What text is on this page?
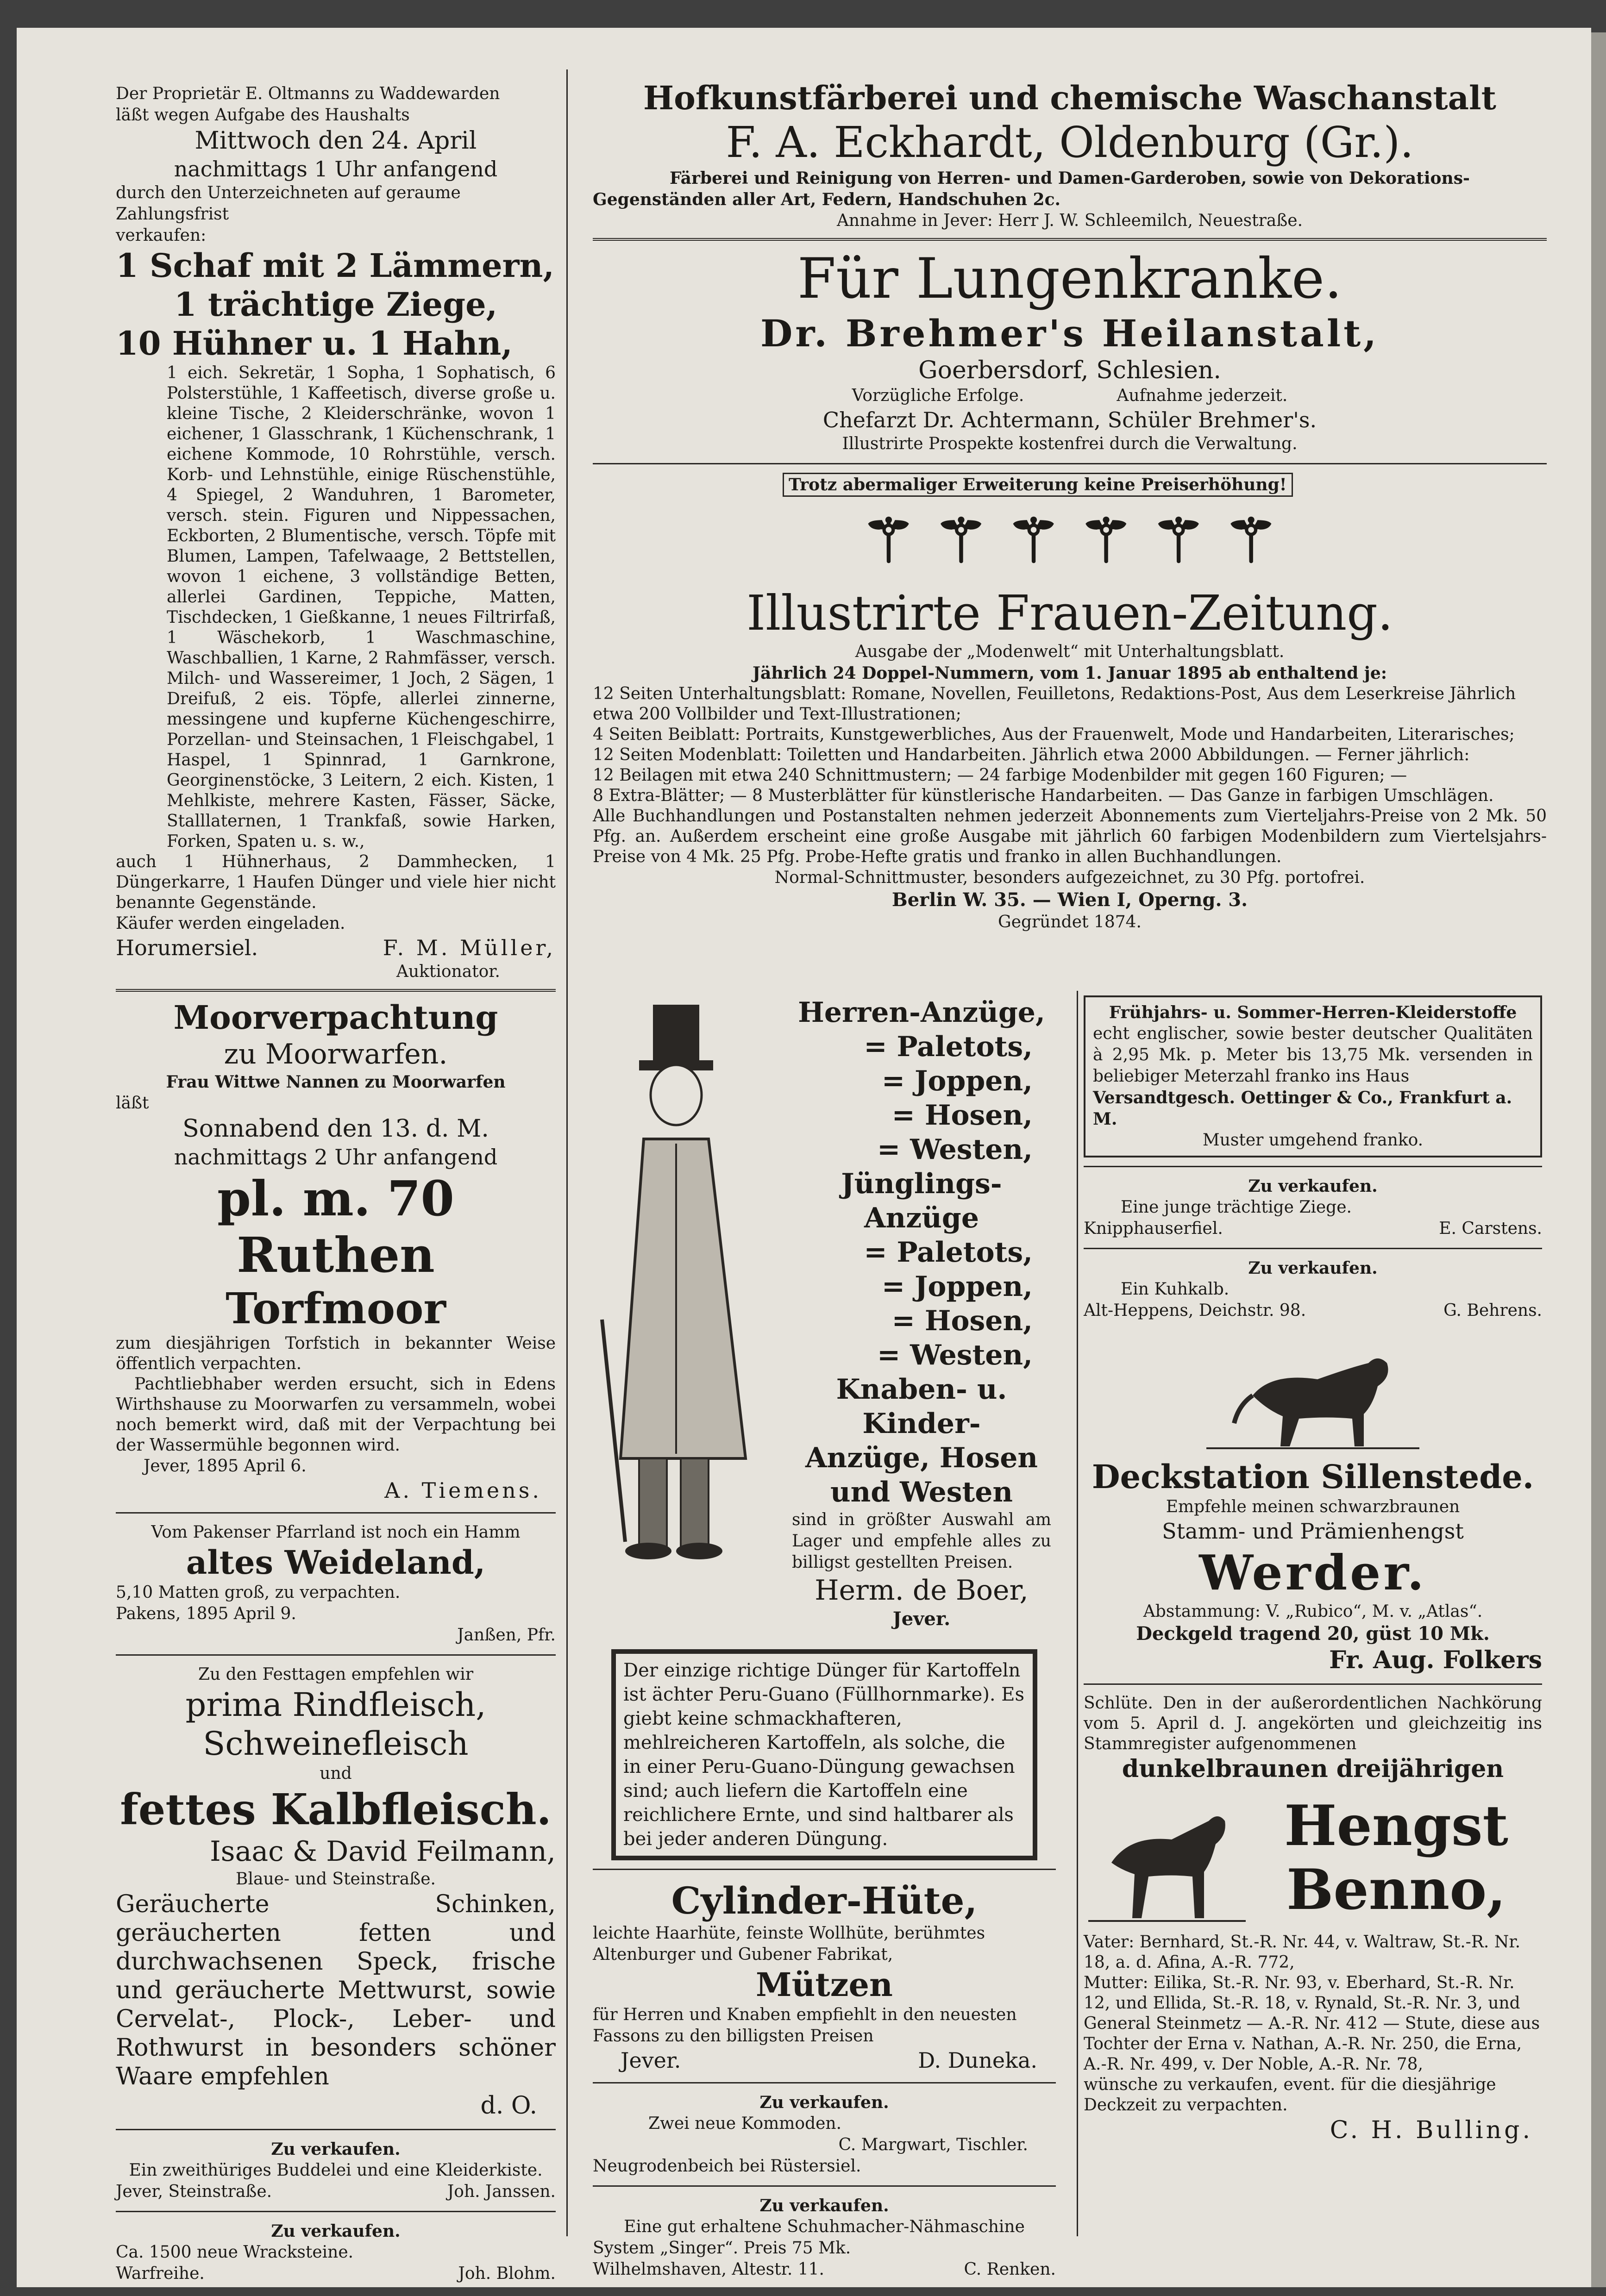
Der Proprietär E. Oltmanns zu Waddewarden

läßt wegen Aufgabe des Haushalts

Mittwoch den 24. April

nachmittags 1 Uhr anfangend

durch den Unterzeichneten auf geraume Zahlungsfrist

verkaufen:

1 Schaf mit 2 Lämmern,

1 trächtige Ziege,

10 Hühner u. 1 Hahn,

1 eich. Sekretär, 1 Sopha, 1 Sophatisch, 6 Polsterstühle, 1 Kaffeetisch, diverse große u. kleine Tische, 2 Kleiderschränke, wovon 1 eichener, 1 Glasschrank, 1 Küchenschrank, 1 eichene Kommode, 10 Rohrstühle, versch. Korb- und Lehnstühle, einige Rüschenstühle, 4 Spiegel, 2 Wanduhren, 1 Barometer, versch. stein. Figuren und Nippessachen, Eckborten, 2 Blumentische, versch. Töpfe mit Blumen, Lampen, Tafelwaage, 2 Bettstellen, wovon 1 eichene, 3 vollständige Betten, allerlei Gardinen, Teppiche, Matten, Tischdecken, 1 Gießkanne, 1 neues Filtrirfaß, 1 Wäschekorb, 1 Waschmaschine, Waschballien, 1 Karne, 2 Rahmfässer, versch. Milch- und Wassereimer, 1 Joch, 2 Sägen, 1 Dreifuß, 2 eis. Töpfe, allerlei zinnerne, messingene und kupferne Küchengeschirre, Porzellan- und Steinsachen, 1 Fleischgabel, 1 Haspel, 1 Spinnrad, 1 Garnkrone, Georginenstöcke, 3 Leitern, 2 eich. Kisten, 1 Mehlkiste, mehrere Kasten, Fässer, Säcke, Stalllaternen, 1 Trankfaß, sowie Harken, Forken, Spaten u. s. w.,

auch 1 Hühnerhaus, 2 Dammhecken, 1 Düngerkarre, 1 Haufen Dünger und viele hier nicht benannte Gegenstände.

Käufer werden eingeladen.

Horumersiel.	F. M. Müller,

Auktionator.

Moorverpachtung

zu Moorwarfen.

Frau Wittwe Nannen zu Moorwarfen

läßt

Sonnabend den 13. d. M.

nachmittags 2 Uhr anfangend

pl. m. 70 Ruthen

Torfmoor

zum diesjährigen Torfstich in bekannter Weise öffentlich verpachten.

Pachtliebhaber werden ersucht, sich in Edens Wirthshause zu Moorwarfen zu versammeln, wobei noch bemerkt wird, daß mit der Verpachtung bei der Wassermühle begonnen wird.

Jever, 1895 April 6.

A. Tiemens.

Vom Pakenser Pfarrland ist noch ein Hamm

altes Weideland,

5,10 Matten groß, zu verpachten.

Pakens, 1895 April 9.

Janßen, Pfr.

Zu den Festtagen empfehlen wir

prima Rindfleisch,

Schweinefleisch

und

fettes Kalbfleisch.

Isaac & David Feilmann,

Blaue- und Steinstraße.

Geräucherte Schinken, geräucherten fetten und durchwachsenen Speck, frische und geräucherte Mettwurst, sowie Cervelat-, Plock-, Leber- und Rothwurst in besonders schöner Waare empfehlen

d. O.

Zu verkaufen.

Ein zweithüriges Buddelei und eine Kleiderkiste.

Jever, Steinstraße.	Joh. Janssen.

Zu verkaufen.

Ca. 1500 neue Wracksteine.

Warfreihe.	Joh. Blohm.

Hofkunstfärberei und chemische Waschanstalt

F. A. Eckhardt, Oldenburg (Gr.).

Färberei und Reinigung von Herren- und Damen-Garderoben, sowie von Dekorations-

Gegenständen aller Art, Federn, Handschuhen 2c.

Annahme in Jever: Herr J. W. Schleemilch, Neuestraße.

Für Lungenkranke.

Dr. Brehmer's Heilanstalt,

Goerbersdorf, Schlesien.

Vorzügliche Erfolge.	Aufnahme jederzeit.

Chefarzt Dr. Achtermann, Schüler Brehmer's.

Illustrirte Prospekte kostenfrei durch die Verwaltung.

Trotz abermaliger Erweiterung keine Preiserhöhung!

⚚ ⚚ ⚚ ⚚ ⚚ ⚚

Illustrirte Frauen-Zeitung.

Ausgabe der „Modenwelt“ mit Unterhaltungsblatt.

Jährlich 24 Doppel-Nummern, vom 1. Januar 1895 ab enthaltend je:

12 Seiten Unterhaltungsblatt: Romane, Novellen, Feuilletons, Redaktions-Post, Aus dem Leserkreise Jährlich etwa 200 Vollbilder und Text-Illustrationen;

4 Seiten Beiblatt: Portraits, Kunstgewerbliches, Aus der Frauenwelt, Mode und Handarbeiten, Literarisches;

12 Seiten Modenblatt: Toiletten und Handarbeiten. Jährlich etwa 2000 Abbildungen. — Ferner jährlich:

12 Beilagen mit etwa 240 Schnittmustern; — 24 farbige Modenbilder mit gegen 160 Figuren; —

8 Extra-Blätter; — 8 Musterblätter für künstlerische Handarbeiten. — Das Ganze in farbigen Umschlägen.

Alle Buchhandlungen und Postanstalten nehmen jederzeit Abonnements zum Vierteljahrs-Preise von 2 Mk. 50 Pfg. an. Außerdem erscheint eine große Ausgabe mit jährlich 60 farbigen Modenbildern zum Viertelsjahrs-Preise von 4 Mk. 25 Pfg. Probe-Hefte gratis und franko in allen Buchhandlungen.

Normal-Schnittmuster, besonders aufgezeichnet, zu 30 Pfg. portofrei.

Berlin W. 35. — Wien I, Operng. 3.

Gegründet 1874.

Herren-Anzüge,

= Paletots,

= Joppen,

= Hosen,

= Westen,

Jünglings-Anzüge

= Paletots,

= Joppen,

= Hosen,

= Westen,

Knaben- u. Kinder-

Anzüge, Hosen

und Westen

sind in größter Auswahl am Lager und empfehle alles zu billigst gestellten Preisen.

Herm. de Boer,

Jever.

Der einzige richtige Dünger für Kartoffeln ist ächter Peru-Guano (Füllhornmarke). Es giebt keine schmackhafteren, mehlreicheren Kartoffeln, als solche, die in einer Peru-Guano-Düngung gewachsen sind; auch liefern die Kartoffeln eine reichlichere Ernte, und sind haltbarer als bei jeder anderen Düngung.

Cylinder-Hüte,

leichte Haarhüte, feinste Wollhüte, berühmtes Altenburger und Gubener Fabrikat,

Mützen

für Herren und Knaben empfiehlt in den neuesten Fassons zu den billigsten Preisen

Jever.	D. Duneka.

Zu verkaufen.

Zwei neue Kommoden.

C. Margwart, Tischler.

Neugrodenbeich bei Rüstersiel.

Zu verkaufen.

Eine gut erhaltene Schuhmacher-Nähmaschine

System „Singer“. Preis 75 Mk.

Wilhelmshaven, Altestr. 11.	C. Renken.

Frühjahrs- u. Sommer-Herren-Kleiderstoffe

echt englischer, sowie bester deutscher Qualitäten à 2,95 Mk. p. Meter bis 13,75 Mk. versenden in beliebiger Meterzahl franko ins Haus

Versandtgesch. Oettinger & Co., Frankfurt a. M.

Muster umgehend franko.

Zu verkaufen.

Eine junge trächtige Ziege.

Knipphauserfiel.	E. Carstens.

Zu verkaufen.

Ein Kuhkalb.

Alt-Heppens, Deichstr. 98.	G. Behrens.

Deckstation Sillenstede.

Empfehle meinen schwarzbraunen

Stamm- und Prämienhengst

Werder.

Abstammung: V. „Rubico“, M. v. „Atlas“.

Deckgeld tragend 20, güst 10 Mk.

Fr. Aug. Folkers

Schlüte. Den in der außerordentlichen Nachkörung vom 5. April d. J. angekörten und gleichzeitig ins Stammregister aufgenommenen

dunkelbraunen dreijährigen

Hengst

Benno,

Vater: Bernhard, St.-R. Nr. 44, v. Waltraw, St.-R. Nr. 18, a. d. Afina, A.-R. 772,

Mutter: Eilika, St.-R. Nr. 93, v. Eberhard, St.-R. Nr. 12, und Ellida, St.-R. 18, v. Rynald, St.-R. Nr. 3, und General Steinmetz — A.-R. Nr. 412 — Stute, diese aus Tochter der Erna v. Nathan, A.-R. Nr. 250, die Erna, A.-R. Nr. 499, v. Der Noble, A.-R. Nr. 78,

wünsche zu verkaufen, event. für die diesjährige Deckzeit zu verpachten.

C. H. Bulling.
